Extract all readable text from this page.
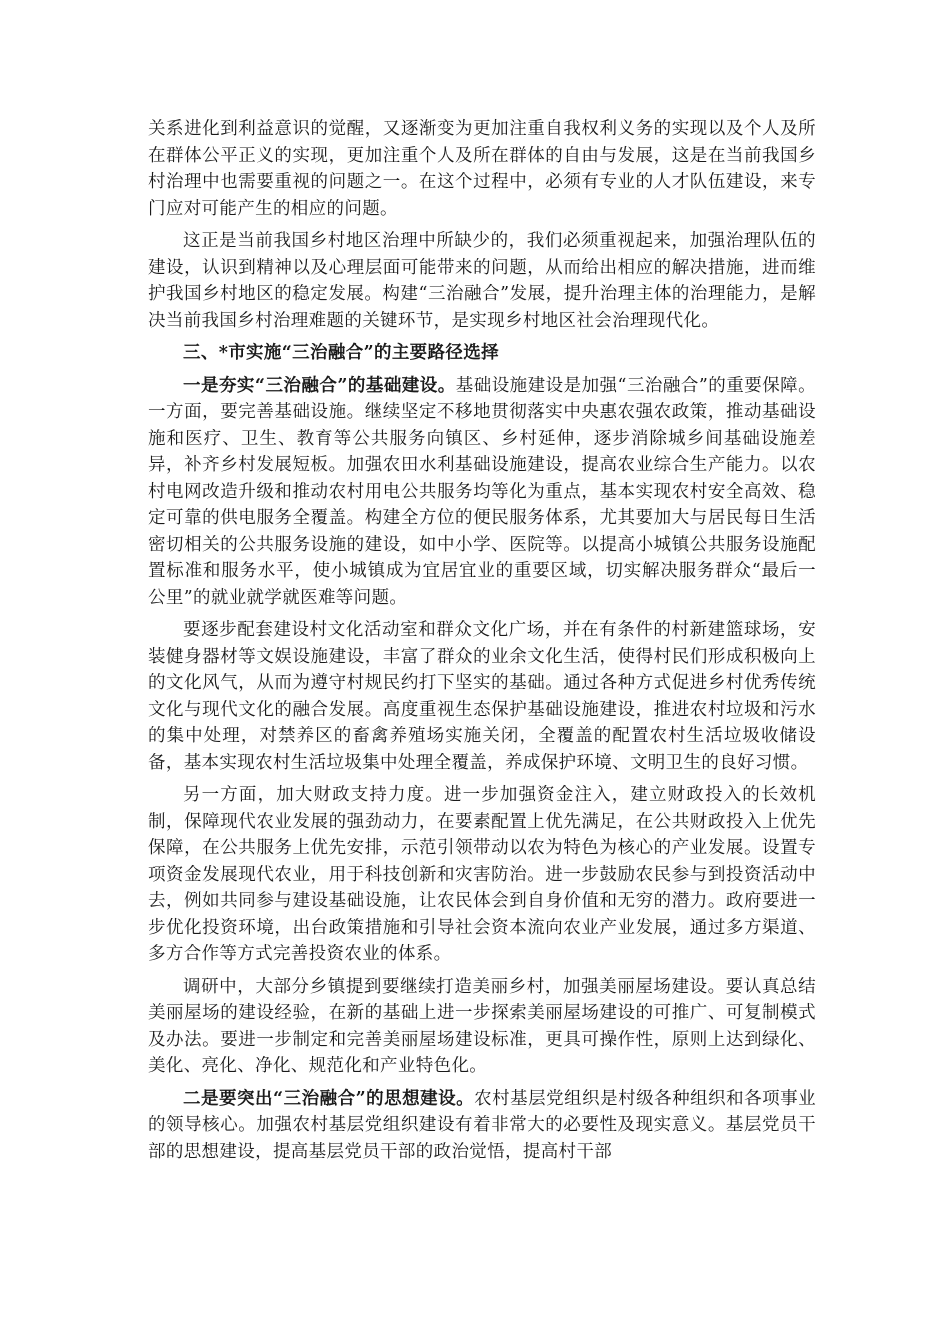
关系进化到利益意识的觉醒，又逐渐变为更加注重自我权利义务的实现以及个人及所在群体公平正义的实现，更加注重个人及所在群体的自由与发展，这是在当前我国乡村治理中也需要重视的问题之一。在这个过程中，必须有专业的人才队伍建设，来专门应对可能产生的相应的问题。

这正是当前我国乡村地区治理中所缺少的，我们必须重视起来，加强治理队伍的建设，认识到精神以及心理层面可能带来的问题，从而给出相应的解决措施，进而维护我国乡村地区的稳定发展。构建“三治融合”发展，提升治理主体的治理能力，是解决当前我国乡村治理难题的关键环节，是实现乡村地区社会治理现代化。

三、*市实施“三治融合”的主要路径选择

一是夯实“三治融合”的基础建设。基础设施建设是加强“三治融合”的重要保障。一方面，要完善基础设施。继续坚定不移地贯彻落实中央惠农强农政策，推动基础设施和医疗、卫生、教育等公共服务向镇区、乡村延伸，逐步消除城乡间基础设施差异，补齐乡村发展短板。加强农田水利基础设施建设，提高农业综合生产能力。以农村电网改造升级和推动农村用电公共服务均等化为重点，基本实现农村安全高效、稳定可靠的供电服务全覆盖。构建全方位的便民服务体系，尤其要加大与居民每日生活密切相关的公共服务设施的建设，如中小学、医院等。以提高小城镇公共服务设施配置标准和服务水平，使小城镇成为宜居宜业的重要区域，切实解决服务群众“最后一公里”的就业就学就医难等问题。

要逐步配套建设村文化活动室和群众文化广场，并在有条件的村新建篮球场，安装健身器材等文娱设施建设，丰富了群众的业余文化生活，使得村民们形成积极向上的文化风气，从而为遵守村规民约打下坚实的基础。通过各种方式促进乡村优秀传统文化与现代文化的融合发展。高度重视生态保护基础设施建设，推进农村垃圾和污水的集中处理，对禁养区的畜禽养殖场实施关闭，全覆盖的配置农村生活垃圾收储设备，基本实现农村生活垃圾集中处理全覆盖，养成保护环境、文明卫生的良好习惯。

另一方面，加大财政支持力度。进一步加强资金注入，建立财政投入的长效机制，保障现代农业发展的强劲动力，在要素配置上优先满足，在公共财政投入上优先保障，在公共服务上优先安排，示范引领带动以农为特色为核心的产业发展。设置专项资金发展现代农业，用于科技创新和灾害防治。进一步鼓励农民参与到投资活动中去，例如共同参与建设基础设施，让农民体会到自身价值和无穷的潜力。政府要进一步优化投资环境，出台政策措施和引导社会资本流向农业产业发展，通过多方渠道、多方合作等方式完善投资农业的体系。

调研中，大部分乡镇提到要继续打造美丽乡村，加强美丽屋场建设。要认真总结美丽屋场的建设经验，在新的基础上进一步探索美丽屋场建设的可推广、可复制模式及办法。要进一步制定和完善美丽屋场建设标准，更具可操作性，原则上达到绿化、美化、亮化、净化、规范化和产业特色化。

二是要突出“三治融合”的思想建设。农村基层党组织是村级各种组织和各项事业的领导核心。加强农村基层党组织建设有着非常大的必要性及现实意义。基层党员干部的思想建设，提高基层党员干部的政治觉悟，提高村干部
